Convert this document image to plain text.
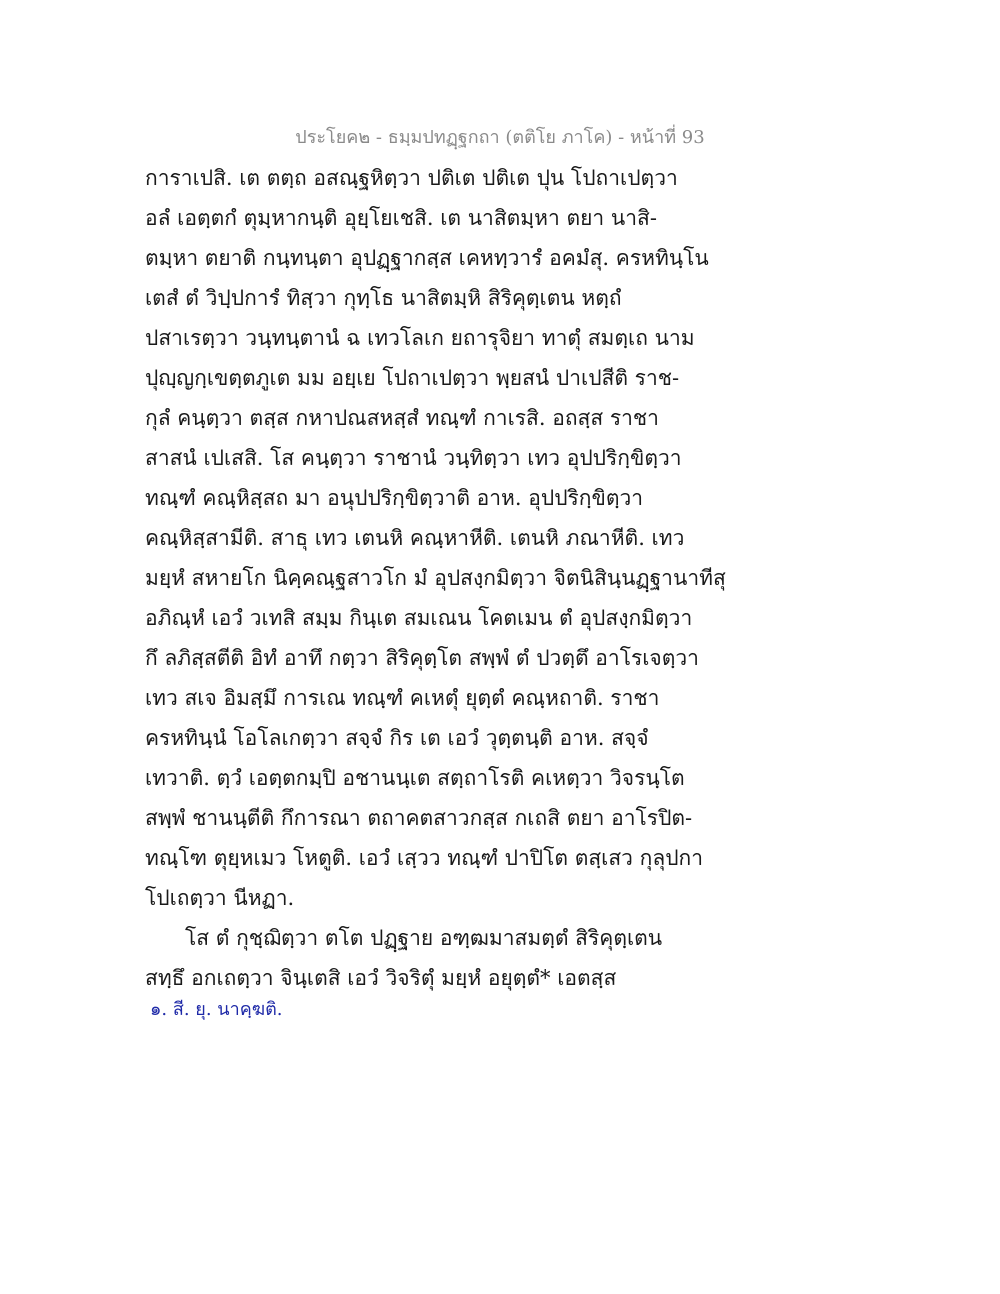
ประโยค๒ - ธมฺมปทฏฺฐกถา (ตติโย ภาโค) - หน้าที่ 93
การาเปสิ. เต ตตฺถ อสณฺฐหิตฺวา ปติเต ปติเต ปุน โปถาเปตฺวา
อลํ เอตฺตกํ ตุมฺหากนฺติ อุยฺโยเชสิ. เต นาสิตมฺหา ตยา นาสิ-
ตมฺหา ตยาติ กนฺทนฺตา อุปฏฺฐากสฺส เคหทฺวารํ อคมํสุ. ครหทินฺโน
เตสํ ตํ วิปฺปการํ ทิสฺวา กุทฺโธ นาสิตมฺหิ สิริคุตฺเตน หตฺถํ
ปสาเรตฺวา วนฺทนฺตานํ ฉ เทวโลเก ยถารุจิยา ทาตุํ สมตฺเถ นาม
ปุญฺญกฺเขตฺตภูเต มม อยฺเย โปถาเปตฺวา พฺยสนํ ปาเปสีติ ราช-
กุลํ คนฺตฺวา ตสฺส กหาปณสหสฺสํ ทณฺฑํ กาเรสิ. อถสฺส ราชา
สาสนํ เปเสสิ. โส คนฺตฺวา ราชานํ วนฺทิตฺวา เทว อุปปริกฺขิตฺวา
ทณฺฑํ คณฺหิสฺสถ มา อนุปปริกฺขิตฺวาติ อาห. อุปปริกฺขิตฺวา
คณฺหิสฺสามีติ. สาธุ เทว เตนหิ คณฺหาหีติ. เตนหิ ภณาหีติ. เทว
มยฺหํ สหายโก นิคฺคณฺฐสาวโก มํ อุปสงฺกมิตฺวา จิตนิสินฺนฏฺฐานาทีสุ
อภิณฺหํ เอวํ วเทสิ สมฺม กินฺเต สมเณน โคตเมน ตํ อุปสงฺกมิตฺวา
กึ ลภิสฺสตีติ อิทํ อาทึ กตฺวา สิริคุตฺโต สพฺพํ ตํ ปวตฺตึ อาโรเจตฺวา
เทว สเจ อิมสฺมึ การเณ ทณฺฑํ คเหตุํ ยุตฺตํ คณฺหถาติ. ราชา
ครหทินฺนํ โอโลเกตฺวา สจฺจํ กิร เต เอวํ วุตฺตนฺติ อาห. สจฺจํ
เทวาติ. ตฺวํ เอตฺตกมฺปิ อชานนฺเต สตฺถาโรติ คเหตฺวา วิจรนฺโต
สพฺพํ ชานนฺตีติ กึการณา ตถาคตสาวกสฺส กเถสิ ตยา อาโรปิต-
ทณฺโฑ ตุยฺหเมว โหตูติ. เอวํ เสฺวว ทณฺฑํ ปาปิโต ตสฺเสว กุลุปกา
โปเถตฺวา นีหฏา.
โส ตํ กุชฺฌิตฺวา ตโต ปฏฺฐาย อฑฺฒมาสมตฺตํ สิริคุตฺเตน
สทฺธึ อกเถตฺวา จินฺเตสิ เอวํ วิจริตุํ มยฺหํ อยุตฺตํ* เอตสฺส
๑. สี. ยุ. นาคฺฆติ.
